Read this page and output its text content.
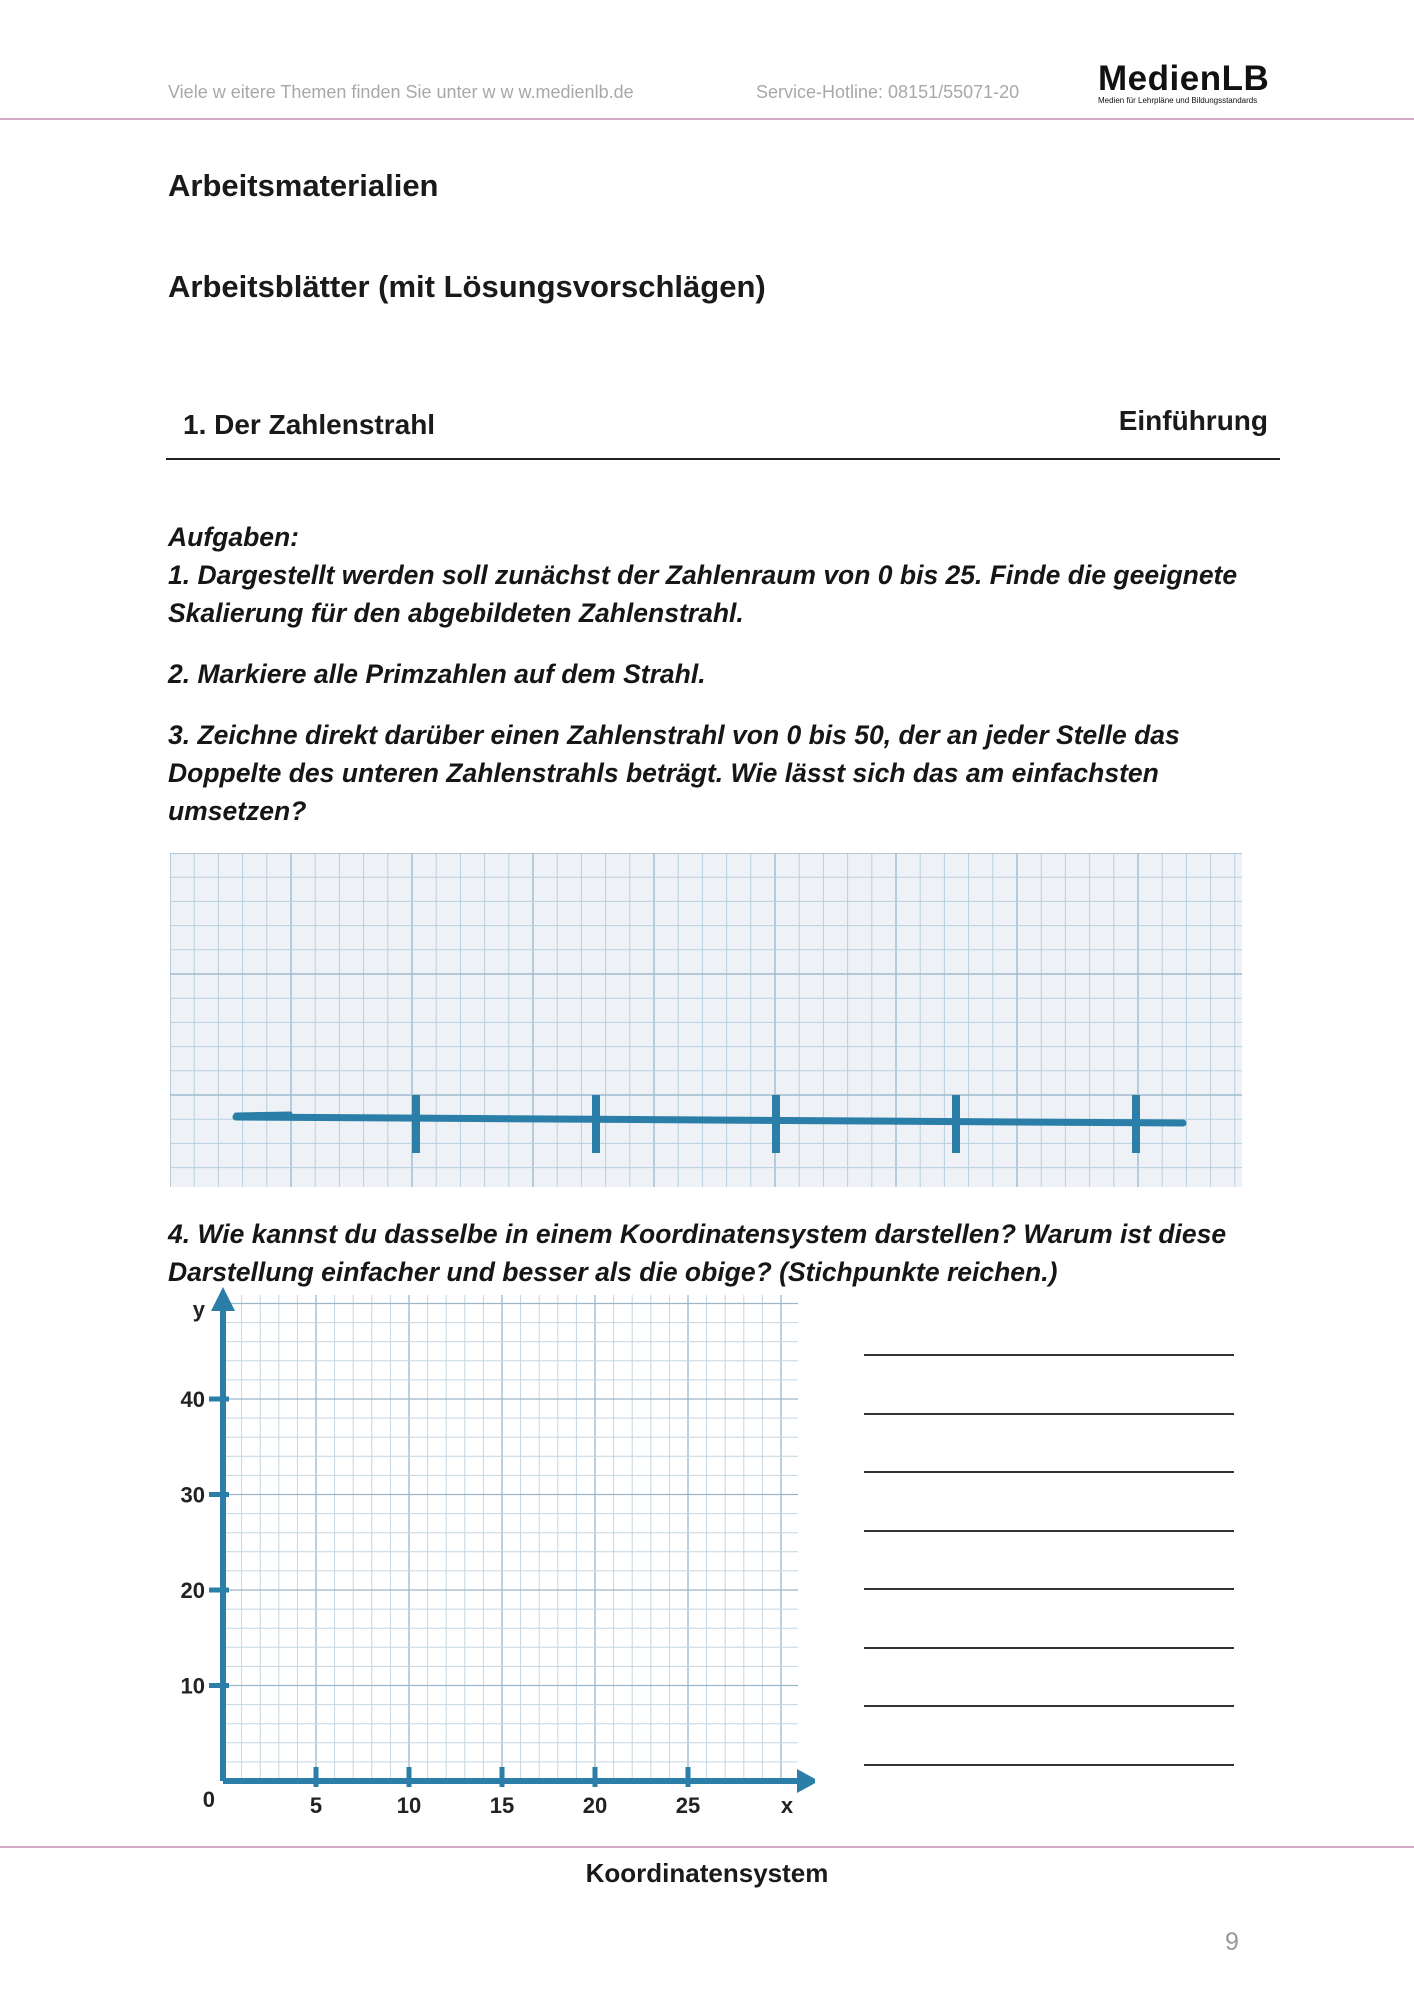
Viele w eitere Themen finden Sie unter w w w.medienlb.de	Service-Hotline: 08151/55071-20 MedienLB
Medien für Lehrpläne und Bildungsstandards
Arbeitsmaterialien
Arbeitsblätter (mit Lösungsvorschlägen)
1. Der Zahlenstrahl	Einführung
Aufgaben:
1. Dargestellt werden soll zunächst der Zahlenraum von 0 bis 25. Finde die geeignete Skalierung für den abgebildeten Zahlenstrahl.
2. Markiere alle Primzahlen auf dem Strahl.
3. Zeichne direkt darüber einen Zahlenstrahl von 0 bis 50, der an jeder Stelle das Doppelte des unteren Zahlenstrahls beträgt. Wie lässt sich das am einfachsten umsetzen?
4. Wie kannst du dasselbe in einem Koordinatensystem darstellen? Warum ist diese Darstellung einfacher und besser als die obige? (Stichpunkte reichen.)
5	10	15	20	25
10
20
30
40
0	x
y
Koordinatensystem
9
